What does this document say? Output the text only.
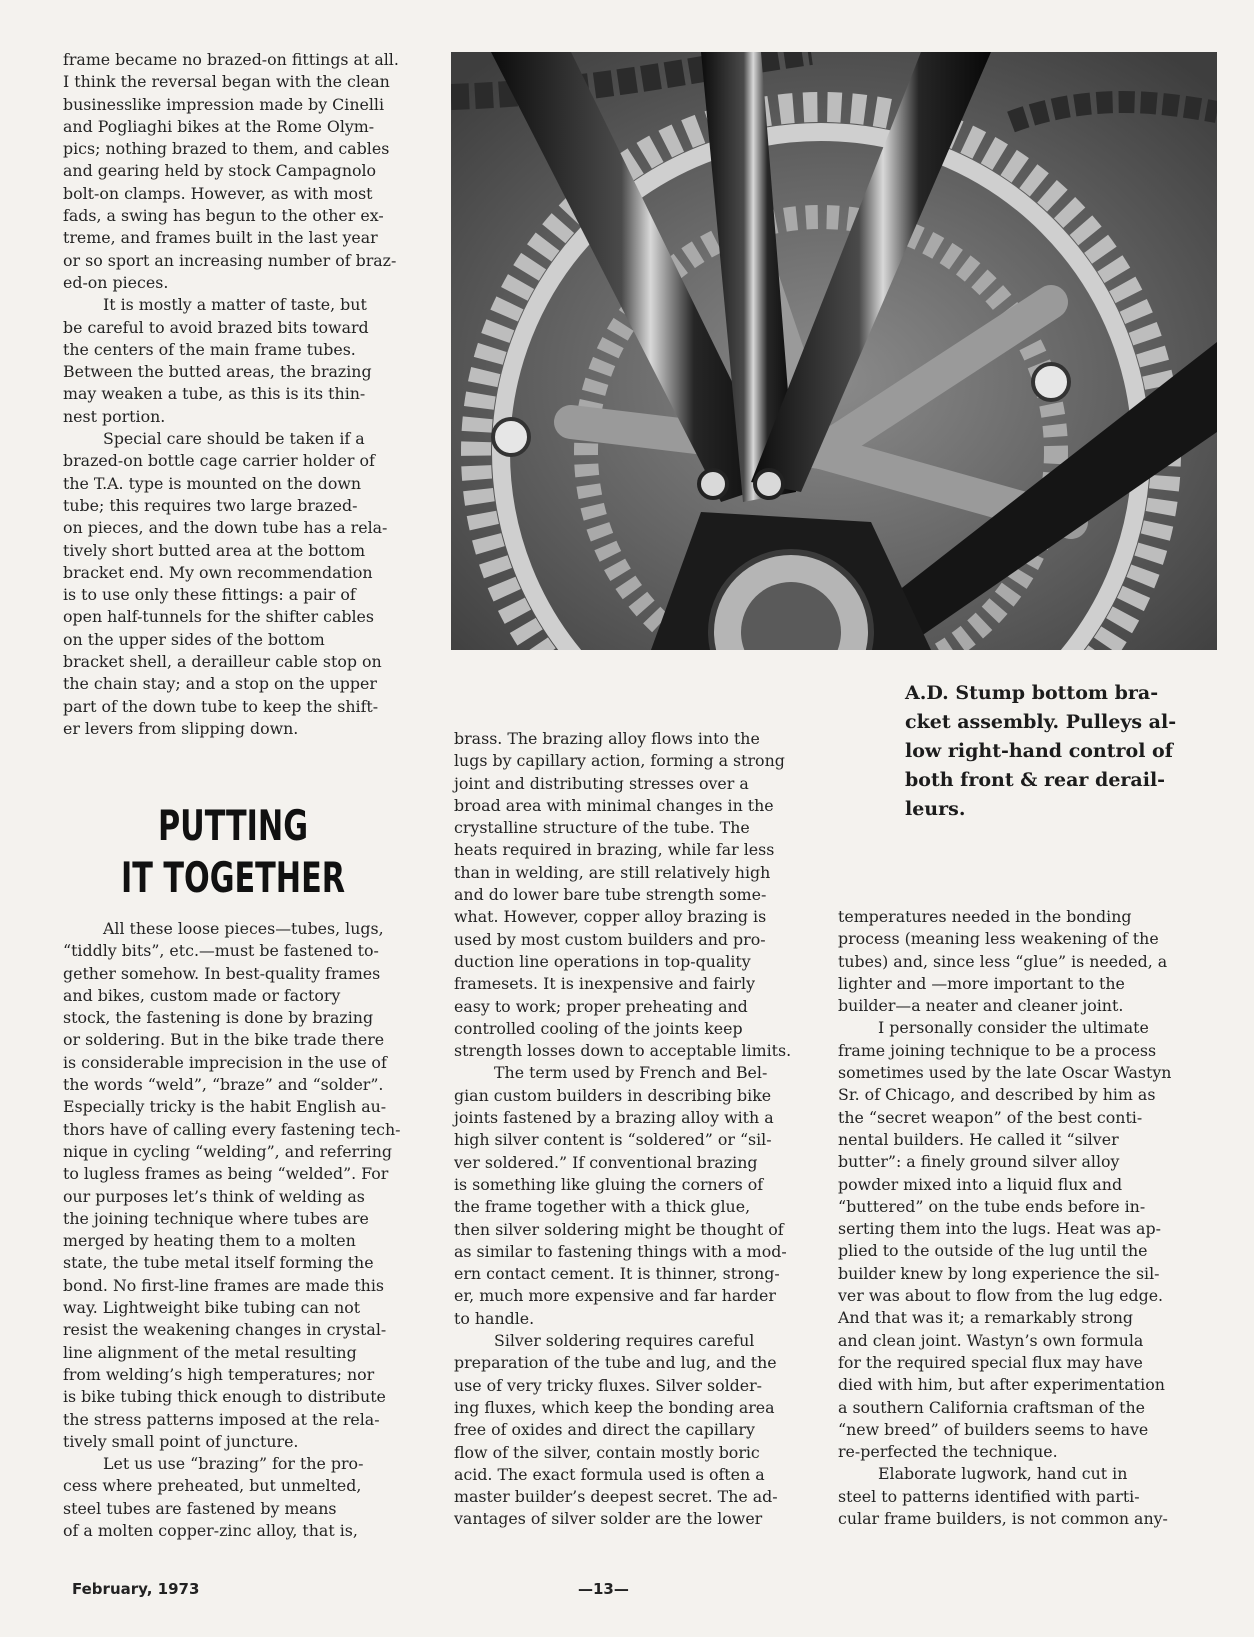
frame became no brazed-on fittings at all.
I think the reversal began with the clean
businesslike impression made by Cinelli
and Pogliaghi bikes at the Rome Olym-
pics; nothing brazed to them, and cables
and gearing held by stock Campagnolo
bolt-on clamps. However, as with most
fads, a swing has begun to the other ex-
treme, and frames built in the last year
or so sport an increasing number of braz-
ed-on pieces.
It is mostly a matter of taste, but
be careful to avoid brazed bits toward
the centers of the main frame tubes.
Between the butted areas, the brazing
may weaken a tube, as this is its thin-
nest portion.
Special care should be taken if a
brazed-on bottle cage carrier holder of
the T.A. type is mounted on the down
tube; this requires two large brazed-
on pieces, and the down tube has a rela-
tively short butted area at the bottom
bracket end. My own recommendation
is to use only these fittings: a pair of
open half-tunnels for the shifter cables
on the upper sides of the bottom
bracket shell, a derailleur cable stop on
the chain stay; and a stop on the upper
part of the down tube to keep the shift-
er levers from slipping down.
PUTTING
IT TOGETHER
All these loose pieces—tubes, lugs,
“tiddly bits”, etc.—must be fastened to-
gether somehow. In best-quality frames
and bikes, custom made or factory
stock, the fastening is done by brazing
or soldering. But in the bike trade there
is considerable imprecision in the use of
the words “weld”, “braze” and “solder”.
Especially tricky is the habit English au-
thors have of calling every fastening tech-
nique in cycling “welding”, and referring
to lugless frames as being “welded”. For
our purposes let’s think of welding as
the joining technique where tubes are
merged by heating them to a molten
state, the tube metal itself forming the
bond. No first-line frames are made this
way. Lightweight bike tubing can not
resist the weakening changes in crystal-
line alignment of the metal resulting
from welding’s high temperatures; nor
is bike tubing thick enough to distribute
the stress patterns imposed at the rela-
tively small point of juncture.
Let us use “brazing” for the pro-
cess where preheated, but unmelted,
steel tubes are fastened by means
of a molten copper-zinc alloy, that is,
brass. The brazing alloy flows into the
lugs by capillary action, forming a strong
joint and distributing stresses over a
broad area with minimal changes in the
crystalline structure of the tube. The
heats required in brazing, while far less
than in welding, are still relatively high
and do lower bare tube strength some-
what. However, copper alloy brazing is
used by most custom builders and pro-
duction line operations in top-quality
framesets. It is inexpensive and fairly
easy to work; proper preheating and
controlled cooling of the joints keep
strength losses down to acceptable limits.
The term used by French and Bel-
gian custom builders in describing bike
joints fastened by a brazing alloy with a
high silver content is “soldered” or “sil-
ver soldered.” If conventional brazing
is something like gluing the corners of
the frame together with a thick glue,
then silver soldering might be thought of
as similar to fastening things with a mod-
ern contact cement. It is thinner, strong-
er, much more expensive and far harder
to handle.
Silver soldering requires careful
preparation of the tube and lug, and the
use of very tricky fluxes. Silver solder-
ing fluxes, which keep the bonding area
free of oxides and direct the capillary
flow of the silver, contain mostly boric
acid. The exact formula used is often a
master builder’s deepest secret. The ad-
vantages of silver solder are the lower
temperatures needed in the bonding
process (meaning less weakening of the
tubes) and, since less “glue” is needed, a
lighter and —more important to the
builder—a neater and cleaner joint.
I personally consider the ultimate
frame joining technique to be a process
sometimes used by the late Oscar Wastyn
Sr. of Chicago, and described by him as
the “secret weapon” of the best conti-
nental builders. He called it “silver
butter”: a finely ground silver alloy
powder mixed into a liquid flux and
“buttered” on the tube ends before in-
serting them into the lugs. Heat was ap-
plied to the outside of the lug until the
builder knew by long experience the sil-
ver was about to flow from the lug edge.
And that was it; a remarkably strong
and clean joint. Wastyn’s own formula
for the required special flux may have
died with him, but after experimentation
a southern California craftsman of the
“new breed” of builders seems to have
re-perfected the technique.
Elaborate lugwork, hand cut in
steel to patterns identified with parti-
cular frame builders, is not common any-
A.D. Stump bottom bra-
cket assembly. Pulleys al-
low right-hand control of
both front & rear derail-
leurs.
February, 1973	—13—
